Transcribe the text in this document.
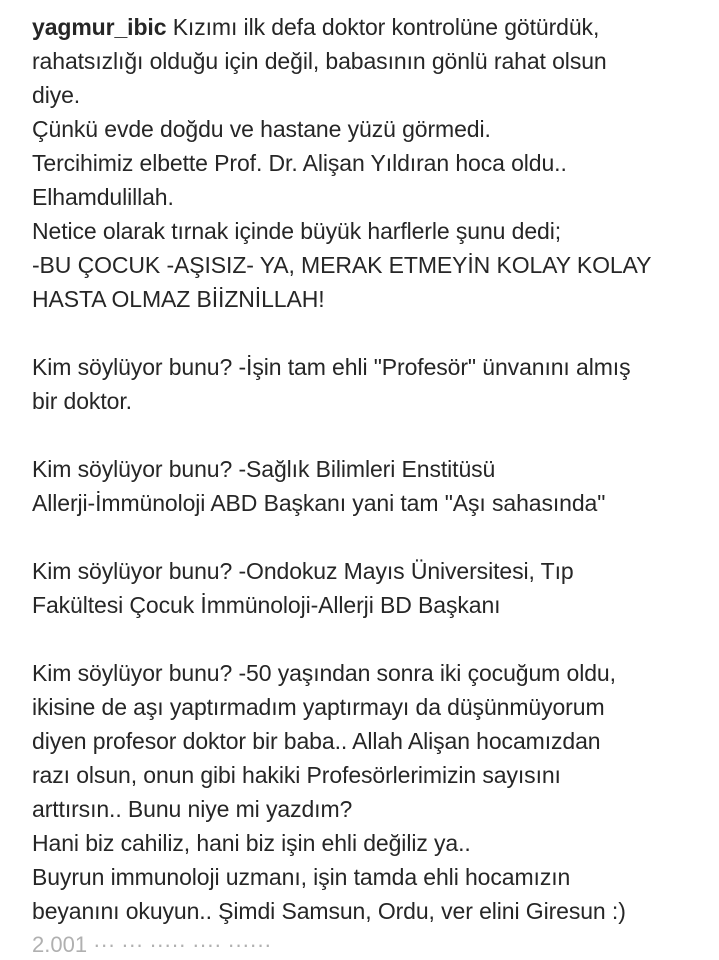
yagmur_ibic Kızımı ilk defa doktor kontrolüne götürdük,
rahatsızlığı olduğu için değil, babasının gönlü rahat olsun
diye.
Çünkü evde doğdu ve hastane yüzü görmedi.
Tercihimiz elbette Prof. Dr. Alişan Yıldıran hoca oldu..
Elhamdulillah.
Netice olarak tırnak içinde büyük harflerle şunu dedi;
-BU ÇOCUK -AŞISIZ- YA, MERAK ETMEYİN KOLAY KOLAY
HASTA OLMAZ BİİZNİLLAH!
Kim söylüyor bunu? -İşin tam ehli "Profesör" ünvanını almış
bir doktor.
Kim söylüyor bunu? -Sağlık Bilimleri Enstitüsü
Allerji-İmmünoloji ABD Başkanı yani tam "Aşı sahasında"
Kim söylüyor bunu? -Ondokuz Mayıs Üniversitesi, Tıp
Fakültesi Çocuk İmmünoloji-Allerji BD Başkanı
Kim söylüyor bunu? -50 yaşından sonra iki çocuğum oldu,
ikisine de aşı yaptırmadım yaptırmayı da düşünmüyorum
diyen profesor doktor bir baba.. Allah Alişan hocamızdan
razı olsun, onun gibi hakiki Profesörlerimizin sayısını
arttırsın.. Bunu niye mi yazdım?
Hani biz cahiliz, hani biz işin ehli değiliz ya..
Buyrun immunoloji uzmanı, işin tamda ehli hocamızın
beyanını okuyun.. Şimdi Samsun, Ordu, ver elini Giresun :)
2.001 ··· ··· ····· ···· ······
